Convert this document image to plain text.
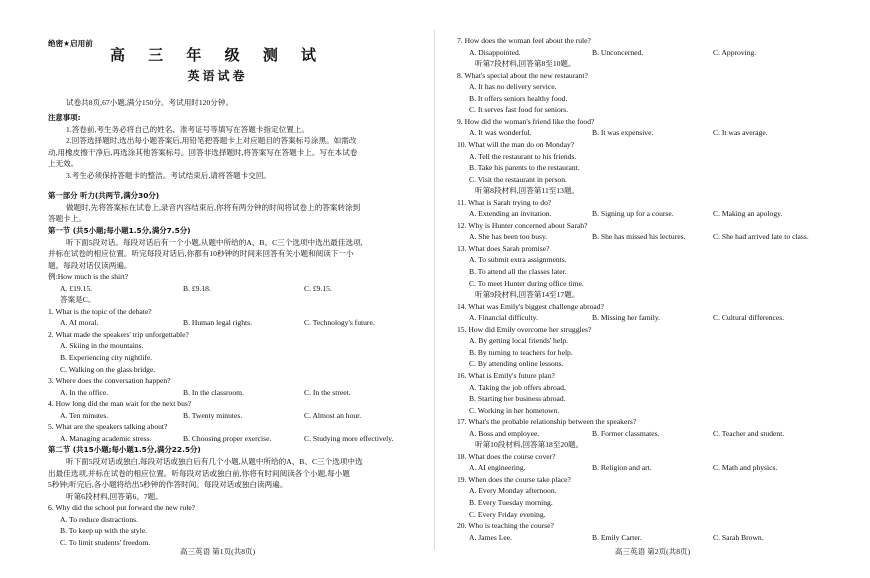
绝密★启用前
高 三 年 级 测 试
英语试卷
试卷共8页,67小题,满分150分。考试用时120分钟。
注意事项:
1.答卷前,考生务必将自己的姓名、准考证号等填写在答题卡指定位置上。
2.回答选择题时,选出每小题答案后,用铅笔把答题卡上对应题目的答案标号涂黑。如需改
动,用橡皮擦干净后,再选涂其他答案标号。回答非选择题时,将答案写在答题卡上。写在本试卷
上无效。
3.考生必须保持答题卡的整洁。考试结束后,请将答题卡交回。
第一部分 听力(共两节,满分30分)
做题时,先将答案标在试卷上,录音内容结束后,你将有两分钟的时间将试卷上的答案转涂到
答题卡上。
第一节 (共5小题;每小题1.5分,满分7.5分)
听下面5段对话。每段对话后有一个小题,从题中所给的A、B、C三个选项中选出最佳选项,
并标在试卷的相应位置。听完每段对话后,你都有10秒钟的时间来回答有关小题和阅读下一小
题。每段对话仅读两遍。
例:How much is the shirt?
A. £19.15.	B. £9.18.	C. £9.15.
答案是C。
1. What is the topic of the debate?
A. AI moral.	B. Human legal rights.	C. Technology's future.
2. What made the speakers' trip unforgettable?
A. Skiing in the mountains.
B. Experiencing city nightlife.
C. Walking on the glass bridge.
3. Where does the conversation happen?
A. In the office.	B. In the classroom.	C. In the street.
4. How long did the man wait for the next bus?
A. Ten minutes.	B. Twenty minutes.	C. Almost an hour.
5. What are the speakers talking about?
A. Managing academic stress.	B. Choosing proper exercise.	C. Studying more effectively.
第二节 (共15小题;每小题1.5分,满分22.5分)
听下面5段对话或独白,每段对话或独白后有几个小题,从题中所给的A、B、C三个选项中选
出最佳选项,并标在试卷的相应位置。听每段对话或独白前,你将有时间阅读各个小题,每小题
5秒钟;听完后,各小题将给出5秒钟的作答时间。每段对话或独白读两遍。
听第6段材料,回答第6、7题。
6. Why did the school put forward the new rule?
A. To reduce distractions.
B. To keep up with the style.
C. To limit students' freedom.
高三英语 第1页(共8页)
7. How does the woman feel about the rule?
A. Disappointed.	B. Unconcerned.	C. Approving.
听第7段材料,回答第8至10题。
8. What's special about the new restaurant?
A. It has no delivery service.
B. It offers seniors healthy food.
C. It serves fast food for seniors.
9. How did the woman's friend like the food?
A. It was wonderful.	B. It was expensive.	C. It was average.
10. What will the man do on Monday?
A. Tell the restaurant to his friends.
B. Take his parents to the restaurant.
C. Visit the restaurant in person.
听第8段材料,回答第11至13题。
11. What is Sarah trying to do?
A. Extending an invitation.	B. Signing up for a course.	C. Making an apology.
12. Why is Hunter concerned about Sarah?
A. She has been too busy.	B. She has missed his lectures.	C. She had arrived late to class.
13. What does Sarah promise?
A. To submit extra assignments.
B. To attend all the classes later.
C. To meet Hunter during office time.
听第9段材料,回答第14至17题。
14. What was Emily's biggest challenge abroad?
A. Financial difficulty.	B. Missing her family.	C. Cultural differences.
15. How did Emily overcome her struggles?
A. By getting local friends' help.
B. By turning to teachers for help.
C. By attending online lessons.
16. What is Emily's future plan?
A. Taking the job offers abroad.
B. Starting her business abroad.
C. Working in her hometown.
17. What's the probable relationship between the speakers?
A. Boss and employee.	B. Former classmates.	C. Teacher and student.
听第10段材料,回答第18至20题。
18. What does the course cover?
A. AI engineering.	B. Religion and art.	C. Math and physics.
19. When does the course take place?
A. Every Monday afternoon.
B. Every Tuesday morning.
C. Every Friday evening.
20. Who is teaching the course?
A. James Lee.	B. Emily Carter.	C. Sarah Brown.
高三英语 第2页(共8页)
